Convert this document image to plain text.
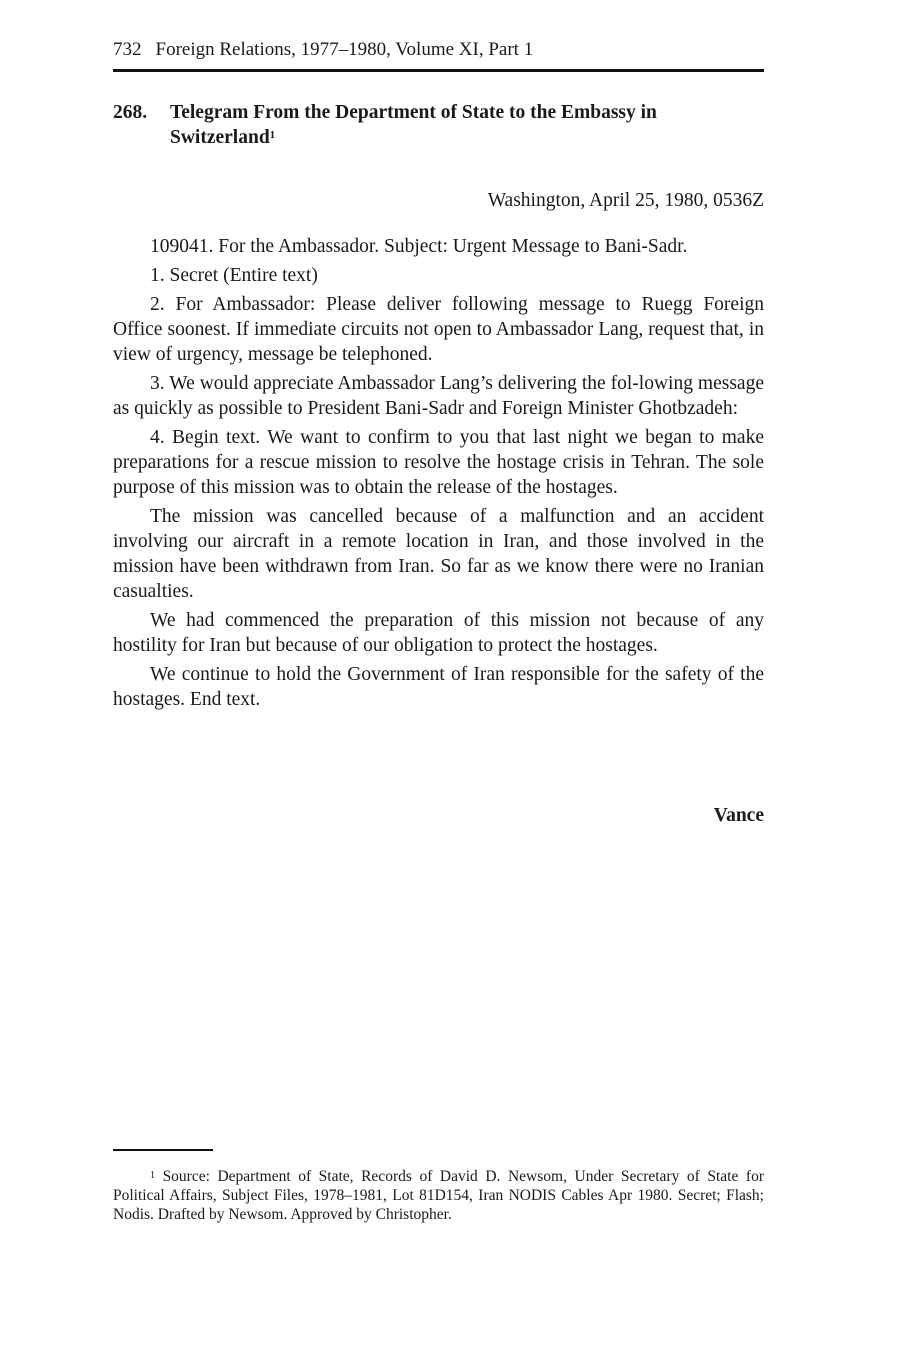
732 Foreign Relations, 1977–1980, Volume XI, Part 1
268. Telegram From the Department of State to the Embassy in Switzerland$^1$
Washington, April 25, 1980, 0536Z

109041. For the Ambassador. Subject: Urgent Message to Bani-Sadr.

1. Secret (Entire text)

2. For Ambassador: Please deliver following message to Ruegg Foreign Office soonest. If immediate circuits not open to Ambassador Lang, request that, in view of urgency, message be telephoned.

3. We would appreciate Ambassador Lang’s delivering the fol-lowing message as quickly as possible to President Bani-Sadr and Foreign Minister Ghotbzadeh:

4. Begin text. We want to confirm to you that last night we began to make preparations for a rescue mission to resolve the hostage crisis in Tehran. The sole purpose of this mission was to obtain the release of the hostages.

The mission was cancelled because of a malfunction and an accident involving our aircraft in a remote location in Iran, and those involved in the mission have been withdrawn from Iran. So far as we know there were no Iranian casualties.

We had commenced the preparation of this mission not because of any hostility for Iran but because of our obligation to protect the hostages.

We continue to hold the Government of Iran responsible for the safety of the hostages. End text.

Vance

$^1$ Source: Department of State, Records of David D. Newsom, Under Secretary of State for Political Affairs, Subject Files, 1978–1981, Lot 81D154, Iran NODIS Cables Apr 1980. Secret; Flash; Nodis. Drafted by Newsom. Approved by Christopher.
